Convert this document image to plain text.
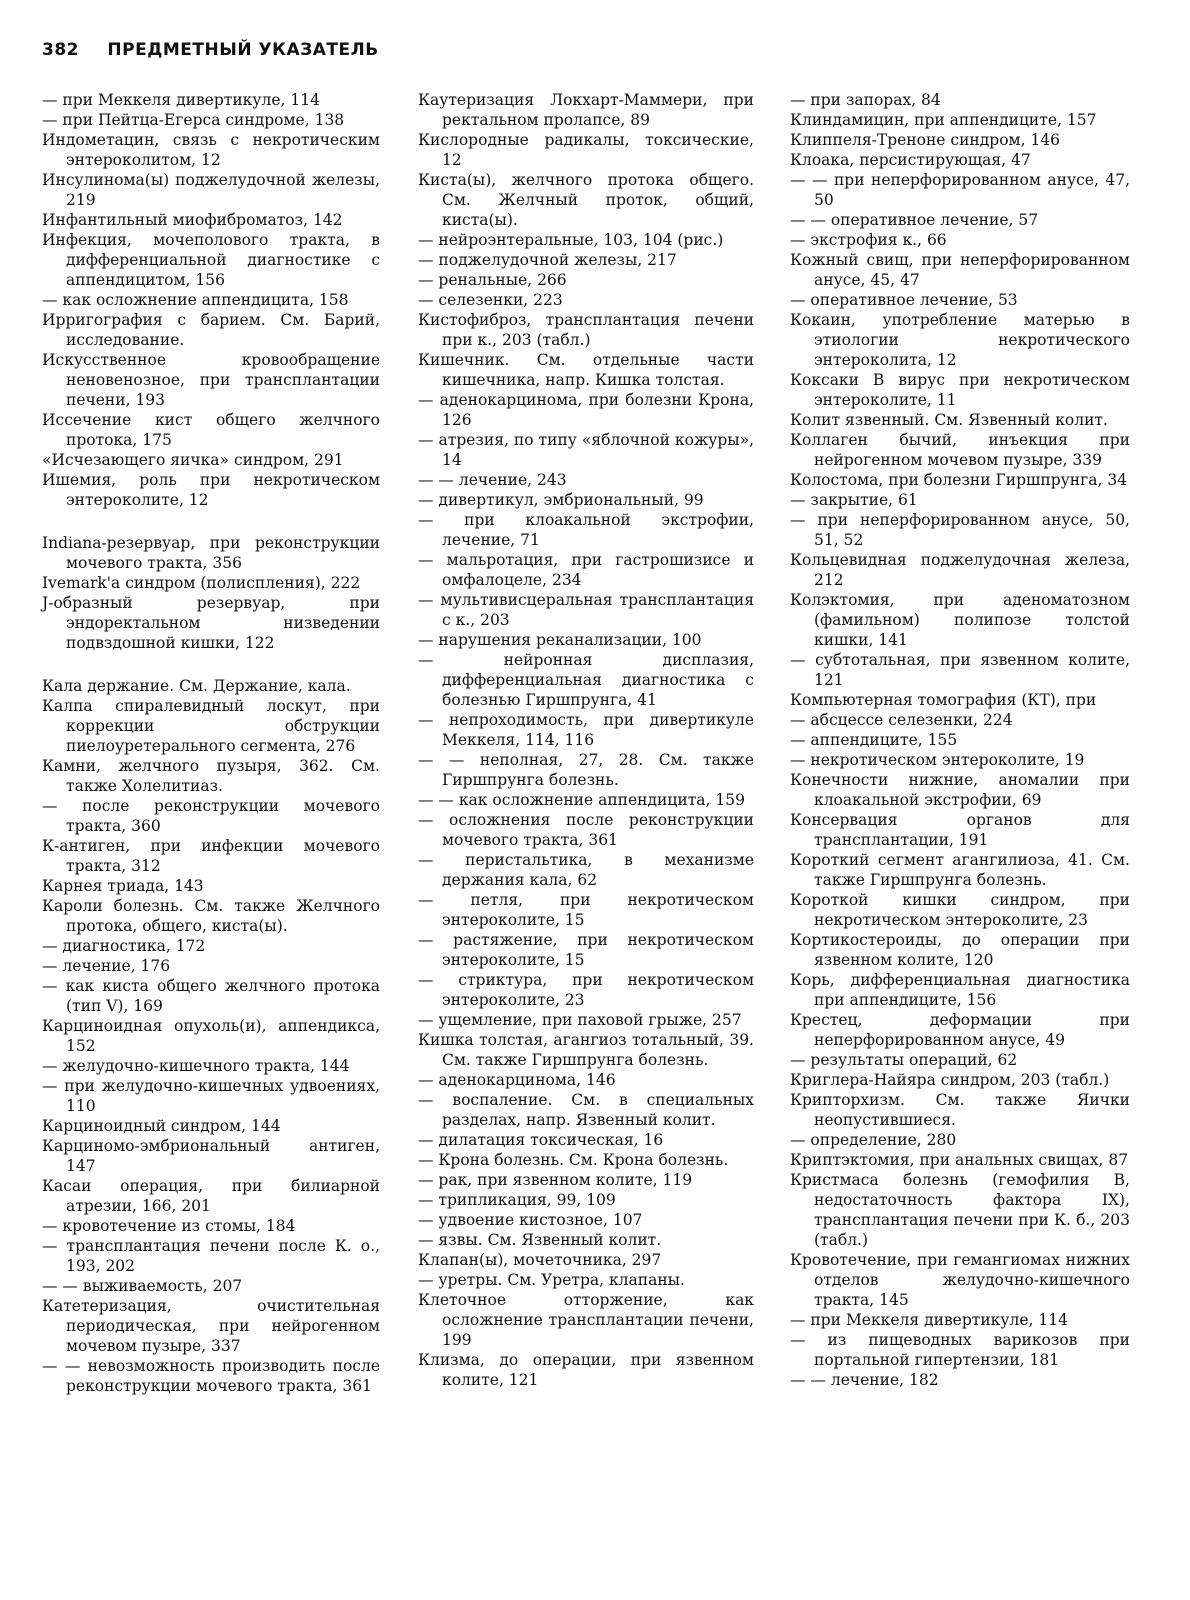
382 ПРЕДМЕТНЫЙ УКАЗАТЕЛЬ

— при Меккеля дивертикуле, 114

— при Пейтца-Егерса синдроме, 138

Индометацин, связь с некротическим энтероколитом, 12

Инсулинома(ы) поджелудочной железы, 219

Инфантильный миофиброматоз, 142

Инфекция, мочеполового тракта, в дифференциальной диагностике с аппендицитом, 156

— как осложнение аппендицита, 158

Ирригография с барием. См. Барий, исследование.

Искусственное кровообращение неновенозное, при трансплантации печени, 193

Иссечение кист общего желчного протока, 175

«Исчезающего яичка» синдром, 291

Ишемия, роль при некротическом энтероколите, 12

Indiana-резервуар, при реконструкции мочевого тракта, 356

Ivemark'a синдром (полиспления), 222

J-образный резервуар, при эндоректальном низведении подвздошной кишки, 122

Кала держание. См. Держание, кала.

Калпа спиралевидный лоскут, при коррекции обструкции пиелоуретерального сегмента, 276

Камни, желчного пузыря, 362. См. также Холелитиаз.

— после реконструкции мочевого тракта, 360

К-антиген, при инфекции мочевого тракта, 312

Карнея триада, 143

Кароли болезнь. См. также Желчного протока, общего, киста(ы).

— диагностика, 172

— лечение, 176

— как киста общего желчного протока (тип V), 169

Карциноидная опухоль(и), аппендикса, 152

— желудочно-кишечного тракта, 144

— при желудочно-кишечных удвоениях, 110

Карциноидный синдром, 144

Карциномо-эмбриональный антиген, 147

Касаи операция, при билиарной атрезии, 166, 201

— кровотечение из стомы, 184

— трансплантация печени после К. о., 193, 202

— — выживаемость, 207

Катетеризация, очистительная периодическая, при нейрогенном мочевом пузыре, 337

— — невозможность производить после реконструкции мочевого тракта, 361

Каутеризация Локхарт-Маммери, при ректальном пролапсе, 89

Кислородные радикалы, токсические, 12

Киста(ы), желчного протока общего. См. Желчный проток, общий, киста(ы).

— нейроэнтеральные, 103, 104 (рис.)

— поджелудочной железы, 217

— ренальные, 266

— селезенки, 223

Кистофиброз, трансплантация печени при к., 203 (табл.)

Кишечник. См. отдельные части кишечника, напр. Кишка толстая.

— аденокарцинома, при болезни Крона, 126

— атрезия, по типу «яблочной кожуры», 14

— — лечение, 243

— дивертикул, эмбриональный, 99

— при клоакальной экстрофии, лечение, 71

— мальротация, при гастрошизисе и омфалоцеле, 234

— мультивисцеральная трансплантация с к., 203

— нарушения реканализации, 100

— нейронная дисплазия, дифференциальная диагностика с болезнью Гиршпрунга, 41

— непроходимость, при дивертикуле Меккеля, 114, 116

— — неполная, 27, 28. См. также Гиршпрунга болезнь.

— — как осложнение аппендицита, 159

— осложнения после реконструкции мочевого тракта, 361

— перистальтика, в механизме держания кала, 62

— петля, при некротическом энтероколите, 15

— растяжение, при некротическом энтероколите, 15

— стриктура, при некротическом энтероколите, 23

— ущемление, при паховой грыже, 257

Кишка толстая, агангиоз тотальный, 39. См. также Гиршпрунга болезнь.

— аденокарцинома, 146

— воспаление. См. в специальных разделах, напр. Язвенный колит.

— дилатация токсическая, 16

— Крона болезнь. См. Крона болезнь.

— рак, при язвенном колите, 119

— трипликация, 99, 109

— удвоение кистозное, 107

— язвы. См. Язвенный колит.

Клапан(ы), мочеточника, 297

— уретры. См. Уретра, клапаны.

Клеточное отторжение, как осложнение трансплантации печени, 199

Клизма, до операции, при язвенном колите, 121

— при запорах, 84

Клиндамицин, при аппендиците, 157

Клиппеля-Треноне синдром, 146

Клоака, персистирующая, 47

— — при неперфорированном анусе, 47, 50

— — оперативное лечение, 57

— экстрофия к., 66

Кожный свищ, при неперфорированном анусе, 45, 47

— оперативное лечение, 53

Кокаин, употребление матерью в этиологии некротического энтероколита, 12

Коксаки В вирус при некротическом энтероколите, 11

Колит язвенный. См. Язвенный колит.

Коллаген бычий, инъекция при нейрогенном мочевом пузыре, 339

Колостома, при болезни Гиршпрунга, 34

— закрытие, 61

— при неперфорированном анусе, 50, 51, 52

Кольцевидная поджелудочная железа, 212

Колэктомия, при аденоматозном (фамильном) полипозе толстой кишки, 141

— субтотальная, при язвенном колите, 121

Компьютерная томография (КТ), при

— абсцессе селезенки, 224

— аппендиците, 155

— некротическом энтероколите, 19

Конечности нижние, аномалии при клоакальной экстрофии, 69

Консервация органов для трансплантации, 191

Короткий сегмент агангилиоза, 41. См. также Гиршпрунга болезнь.

Короткой кишки синдром, при некротическом энтероколите, 23

Кортикостероиды, до операции при язвенном колите, 120

Корь, дифференциальная диагностика при аппендиците, 156

Крестец, деформации при неперфорированном анусе, 49

— результаты операций, 62

Криглера-Найяра синдром, 203 (табл.)

Крипторхизм. См. также Яички неопустившиеся.

— определение, 280

Криптэктомия, при анальных свищах, 87

Кристмаса болезнь (гемофилия В, недостаточность фактора IX), трансплантация печени при К. б., 203 (табл.)

Кровотечение, при гемангиомах нижних отделов желудочно-кишечного тракта, 145

— при Меккеля дивертикуле, 114

— из пищеводных варикозов при портальной гипертензии, 181

— — лечение, 182
